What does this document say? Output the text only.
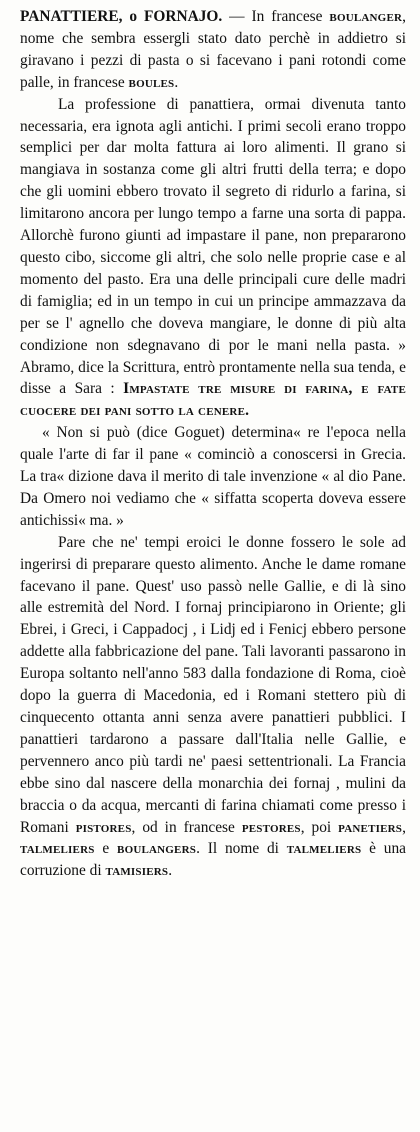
PANATTIERE, o FORNAJO. — In francese boulanger, nome che sembra essergli stato dato perchè in addietro si giravano i pezzi di pasta o si facevano i pani rotondi come palle, in francese boules.

La professione di panattiera, ormai divenuta tanto necessaria, era ignota agli antichi. I primi secoli erano troppo semplici per dar molta fattura ai loro alimenti. Il grano si mangiava in sostanza come gli altri frutti della terra; e dopo che gli uomini ebbero trovato il segreto di ridurlo a farina, si limitarono ancora per lungo tempo a farne una sorta di pappa. Allorchè furono giunti ad impastare il pane, non prepararono questo cibo, siccome gli altri, che solo nelle proprie case e al momento del pasto. Era una delle principali cure delle madri di famiglia; ed in un tempo in cui un principe ammazzava da per se l' agnello che doveva mangiare, le donne di più alta condizione non sdegnavano di por le mani nella pasta. » Abramo, dice la Scrittura, entrò prontamente nella sua tenda, e disse a Sara : Impastate tre misure di farina, e fate cuocere dei pani sotto la cenere.

« Non si può (dice Goguet) determina« re l'epoca nella quale l'arte di far il pane « cominciò a conoscersi in Grecia. La tra« dizione dava il merito di tale invenzione « al dio Pane. Da Omero noi vediamo che « siffatta scoperta doveva essere antichissi« ma. »

Pare che ne' tempi eroici le donne fossero le sole ad ingerirsi di preparare questo alimento. Anche le dame romane facevano il pane. Quest' uso passò nelle Gallie, e di là sino alle estremità del Nord. I fornaj principiarono in Oriente; gli Ebrei, i Greci, i Cappadocj , i Lidj ed i Fenicj ebbero persone addette alla fabbricazione del pane. Tali lavoranti passarono in Europa soltanto nell'anno 583 dalla fondazione di Roma, cioè dopo la guerra di Macedonia, ed i Romani stettero più di cinquecento ottanta anni senza avere panattieri pubblici. I panattieri tardarono a passare dall'Italia nelle Gallie, e pervennero anco più tardi ne' paesi settentrionali. La Francia ebbe sino dal nascere della monarchia dei fornaj , mulini da braccia o da acqua, mercanti di farina chiamati come presso i Romani pistores, od in francese pestores, poi panetiers, talmeliers e boulangers. Il nome di talmeliers è una corruzione di tamisiers.
